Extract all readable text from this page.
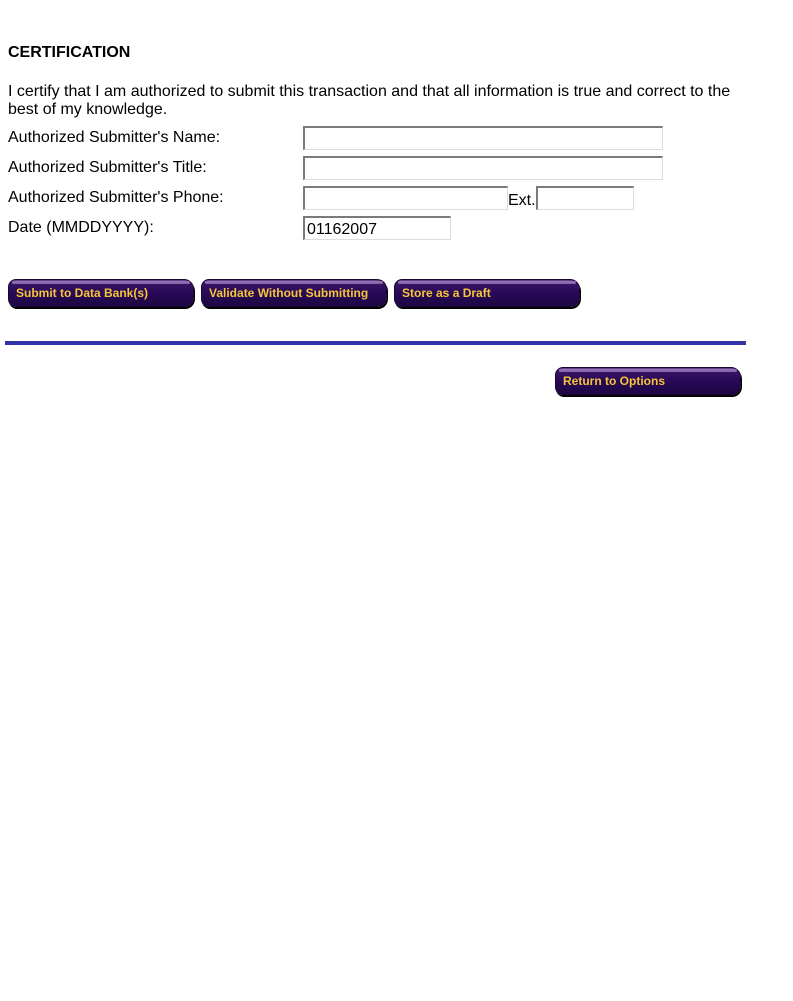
CERTIFICATION
I certify that I am authorized to submit this transaction and that all information is true and correct to the best of my knowledge.
Authorized Submitter's Name:
Authorized Submitter's Title:
Authorized Submitter's Phone:	Ext.
Date (MMDDYYYY):
01162007
Submit to Data Bank(s)	Validate Without Submitting	Store as a Draft
Return to Options
